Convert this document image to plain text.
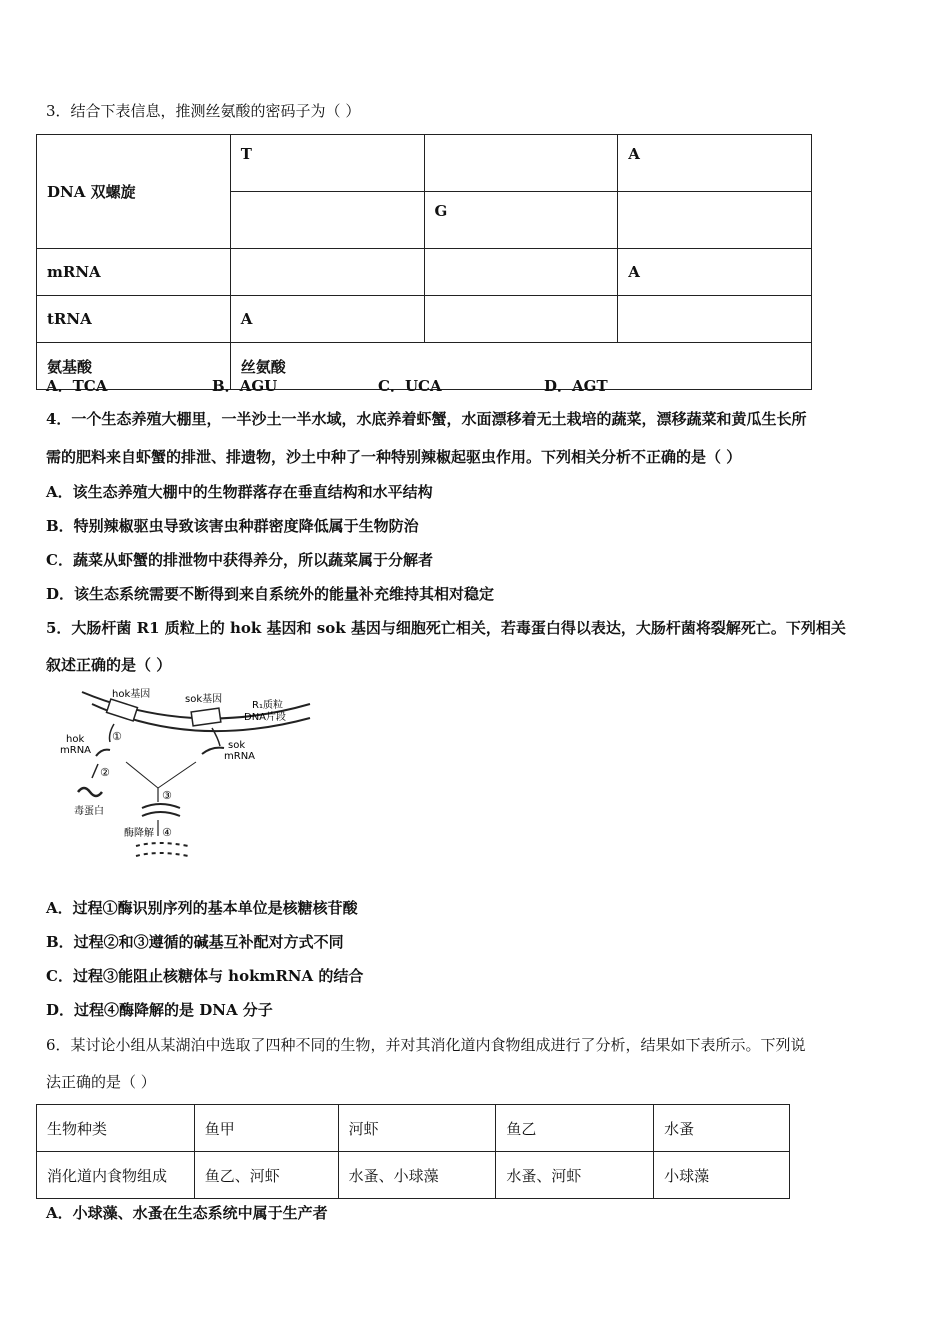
3．结合下表信息，推测丝氨酸的密码子为（ ）
DNA 双螺旋	T		A
		G	
mRNA			A
tRNA	A		
氨基酸	丝氨酸		
A．TCA	B．AGU	C．UCA	D．AGT
4．一个生态养殖大棚里，一半沙土一半水域，水底养着虾蟹，水面漂移着无土栽培的蔬菜，漂移蔬菜和黄瓜生长所
需的肥料来自虾蟹的排泄、排遗物，沙土中种了一种特别辣椒起驱虫作用。下列相关分析不正确的是（ ）
A．该生态养殖大棚中的生物群落存在垂直结构和水平结构
B．特别辣椒驱虫导致该害虫种群密度降低属于生物防治
C．蔬菜从虾蟹的排泄物中获得养分，所以蔬菜属于分解者
D．该生态系统需要不断得到来自系统外的能量补充维持其相对稳定
5．大肠杆菌 R1 质粒上的 hok 基因和 sok 基因与细胞死亡相关，若毒蛋白得以表达，大肠杆菌将裂解死亡。下列相关
叙述正确的是（ ）
hok基因	sok基因
R₁质粒
DNA片段
①
hok
mRNA	sok
mRNA
②
毒蛋白
③
酶降解 ④
A．过程①酶识别序列的基本单位是核糖核苷酸
B．过程②和③遵循的碱基互补配对方式不同
C．过程③能阻止核糖体与 hokmRNA 的结合
D．过程④酶降解的是 DNA 分子
6．某讨论小组从某湖泊中选取了四种不同的生物，并对其消化道内食物组成进行了分析，结果如下表所示。下列说
法正确的是（ ）
生物种类	鱼甲	河虾	鱼乙	水蚤
消化道内食物组成	鱼乙、河虾	水蚤、小球藻	水蚤、河虾	小球藻
A．小球藻、水蚤在生态系统中属于生产者
